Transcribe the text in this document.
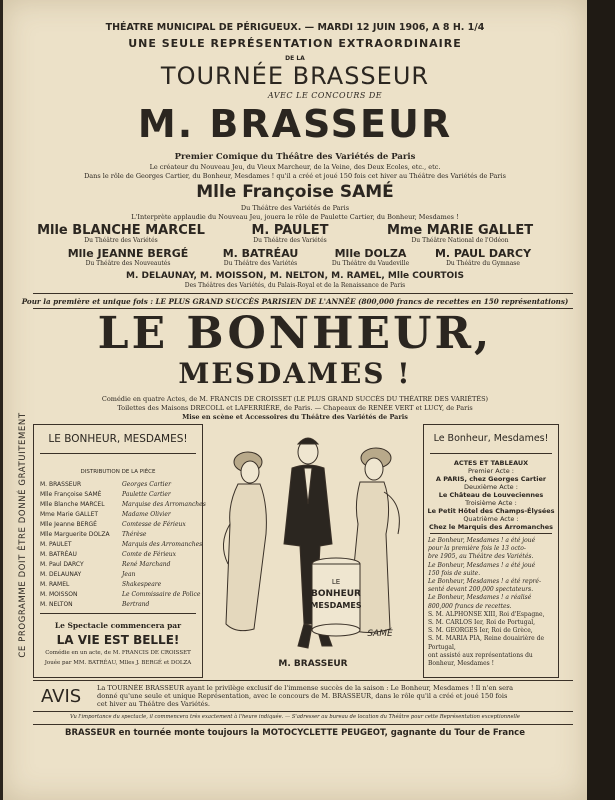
THÉATRE MUNICIPAL DE PÉRIGUEUX. — MARDI 12 JUIN 1906, A 8 H. 1/4
UNE SEULE REPRÉSENTATION EXTRAORDINAIRE
DE LA
TOURNÉE BRASSEUR
AVEC LE CONCOURS DE
M. BRASSEUR
Premier Comique du Théâtre des Variétés de Paris
Le créateur du Nouveau Jeu, du Vieux Marcheur, de la Veine, des Deux Ecoles, etc., etc.
Dans le rôle de Georges Cartier, du Bonheur, Mesdames ! qu'il a créé et joué 150 fois cet hiver au Théâtre des Variétés de Paris
Mlle Françoise SAMÉ
Du Théâtre des Variétés de Paris
L'Interprète applaudie du Nouveau Jeu, jouera le rôle de Paulette Cartier, du Bonheur, Mesdames !
Mlle BLANCHE MARCEL
Du Théâtre des Variétés
M. PAULET
Du Théâtre des Variétés
Mme MARIE GALLET
Du Théâtre National de l'Odéon
Mlle JEANNE BERGÉ
Du Théâtre des Nouveautés
M. BATRÉAU
Du Théâtre des Variétés
Mlle DOLZA
Du Théâtre du Vaudeville
M. PAUL DARCY
Du Théâtre du Gymnase
M. DELAUNAY, M. MOISSON, M. NELTON, M. RAMEL, Mlle COURTOIS
Des Théâtres des Variétés, du Palais-Royal et de la Renaissance de Paris
Pour la première et unique fois : LE PLUS GRAND SUCCÈS PARISIEN DE L'ANNÉE (800,000 francs de recettes en 150 représentations)
LE BONHEUR,
MESDAMES !
Comédie en quatre Actes, de M. FRANCIS DE CROISSET (LE PLUS GRAND SUCCÈS DU THÉATRE DES VARIÉTÉS)
Toilettes des Maisons DRECOLL et LAFERRIÈRE, de Paris. — Chapeaux de RENÉE VERT et LUCY, de Paris
Mise en scène et Accessoires du Théâtre des Variétés de Paris
LE BONHEUR, MESDAMES!
DISTRIBUTION DE LA PIÈCE
M. BRASSEUR	Georges Cartier
Mlle Françoise SAMÉ	Paulette Cartier
Mlle Blanche MARCEL	Marquise des Arromanches
Mme Marie GALLET	Madame Olivier
Mlle Jeanne BERGÉ	Comtesse de Férieux
Mlle Marguerite DOLZA Thérèse
M. PAULET	Marquis des Arromanches
M. BATRÉAU	Comte de Férieux
M. Paul DARCY	René Marchand
M. DELAUNAY	Jean
M. RAMEL	Shakespeare
M. MOISSON	Le Commissaire de Police
M. NELTON	Bertrand
Le Spectacle commencera par
LA VIE EST BELLE!
Comédie en un acte, de M. FRANCIS DE CROISSET
Jouée par MM. BATRÉAU, Mlles J. BERGÉ et DOLZA
LE
BONHEUR
MESDAMES
SAMÉ
M. BRASSEUR
Le Bonheur, Mesdames!
ACTES ET TABLEAUX
Premier Acte :
A PARIS, chez Georges Cartier
Deuxième Acte :
Le Château de Louveciennes
Troisième Acte :
Le Petit Hôtel des Champs-Élysées
Quatrième Acte :
Chez le Marquis des Arromanches
Le Bonheur, Mesdames ! a été joué
pour la première fois le 13 octo-
bre 1905, au Théâtre des Variétés.
Le Bonheur, Mesdames ! a été joué
150 fois de suite.
Le Bonheur, Mesdames ! a été repré-
senté devant 200,000 spectateurs.
Le Bonheur, Mesdames ! a réalisé
800,000 francs de recettes.
S. M. ALPHONSE XIII, Roi d'Espagne,
S. M. CARLOS Ier, Roi de Portugal,
S. M. GEORGES Ier, Roi de Grèce,
S. M. MARIA PIA, Reine douairière de
Portugal,
ont assisté aux représentations du
Bonheur, Mesdames !
CE PROGRAMME DOIT ÊTRE DONNÉ GRATUITEMENT
AVIS La TOURNÉE BRASSEUR ayant le privilège exclusif de l'immense succès de la saison : Le Bonheur, Mesdames ! Il n'en sera
donné qu'une seule et unique Représentation, avec le concours de M. BRASSEUR, dans le rôle qu'il a créé et joué 150 fois
cet hiver au Théâtre des Variétés.
Vu l'importance du spectacle, il commencera très exactement à l'heure indiquée. — S'adresser au bureau de location du Théâtre pour cette Représentation exceptionnelle
BRASSEUR en tournée monte toujours la MOTOCYCLETTE PEUGEOT, gagnante du Tour de France
